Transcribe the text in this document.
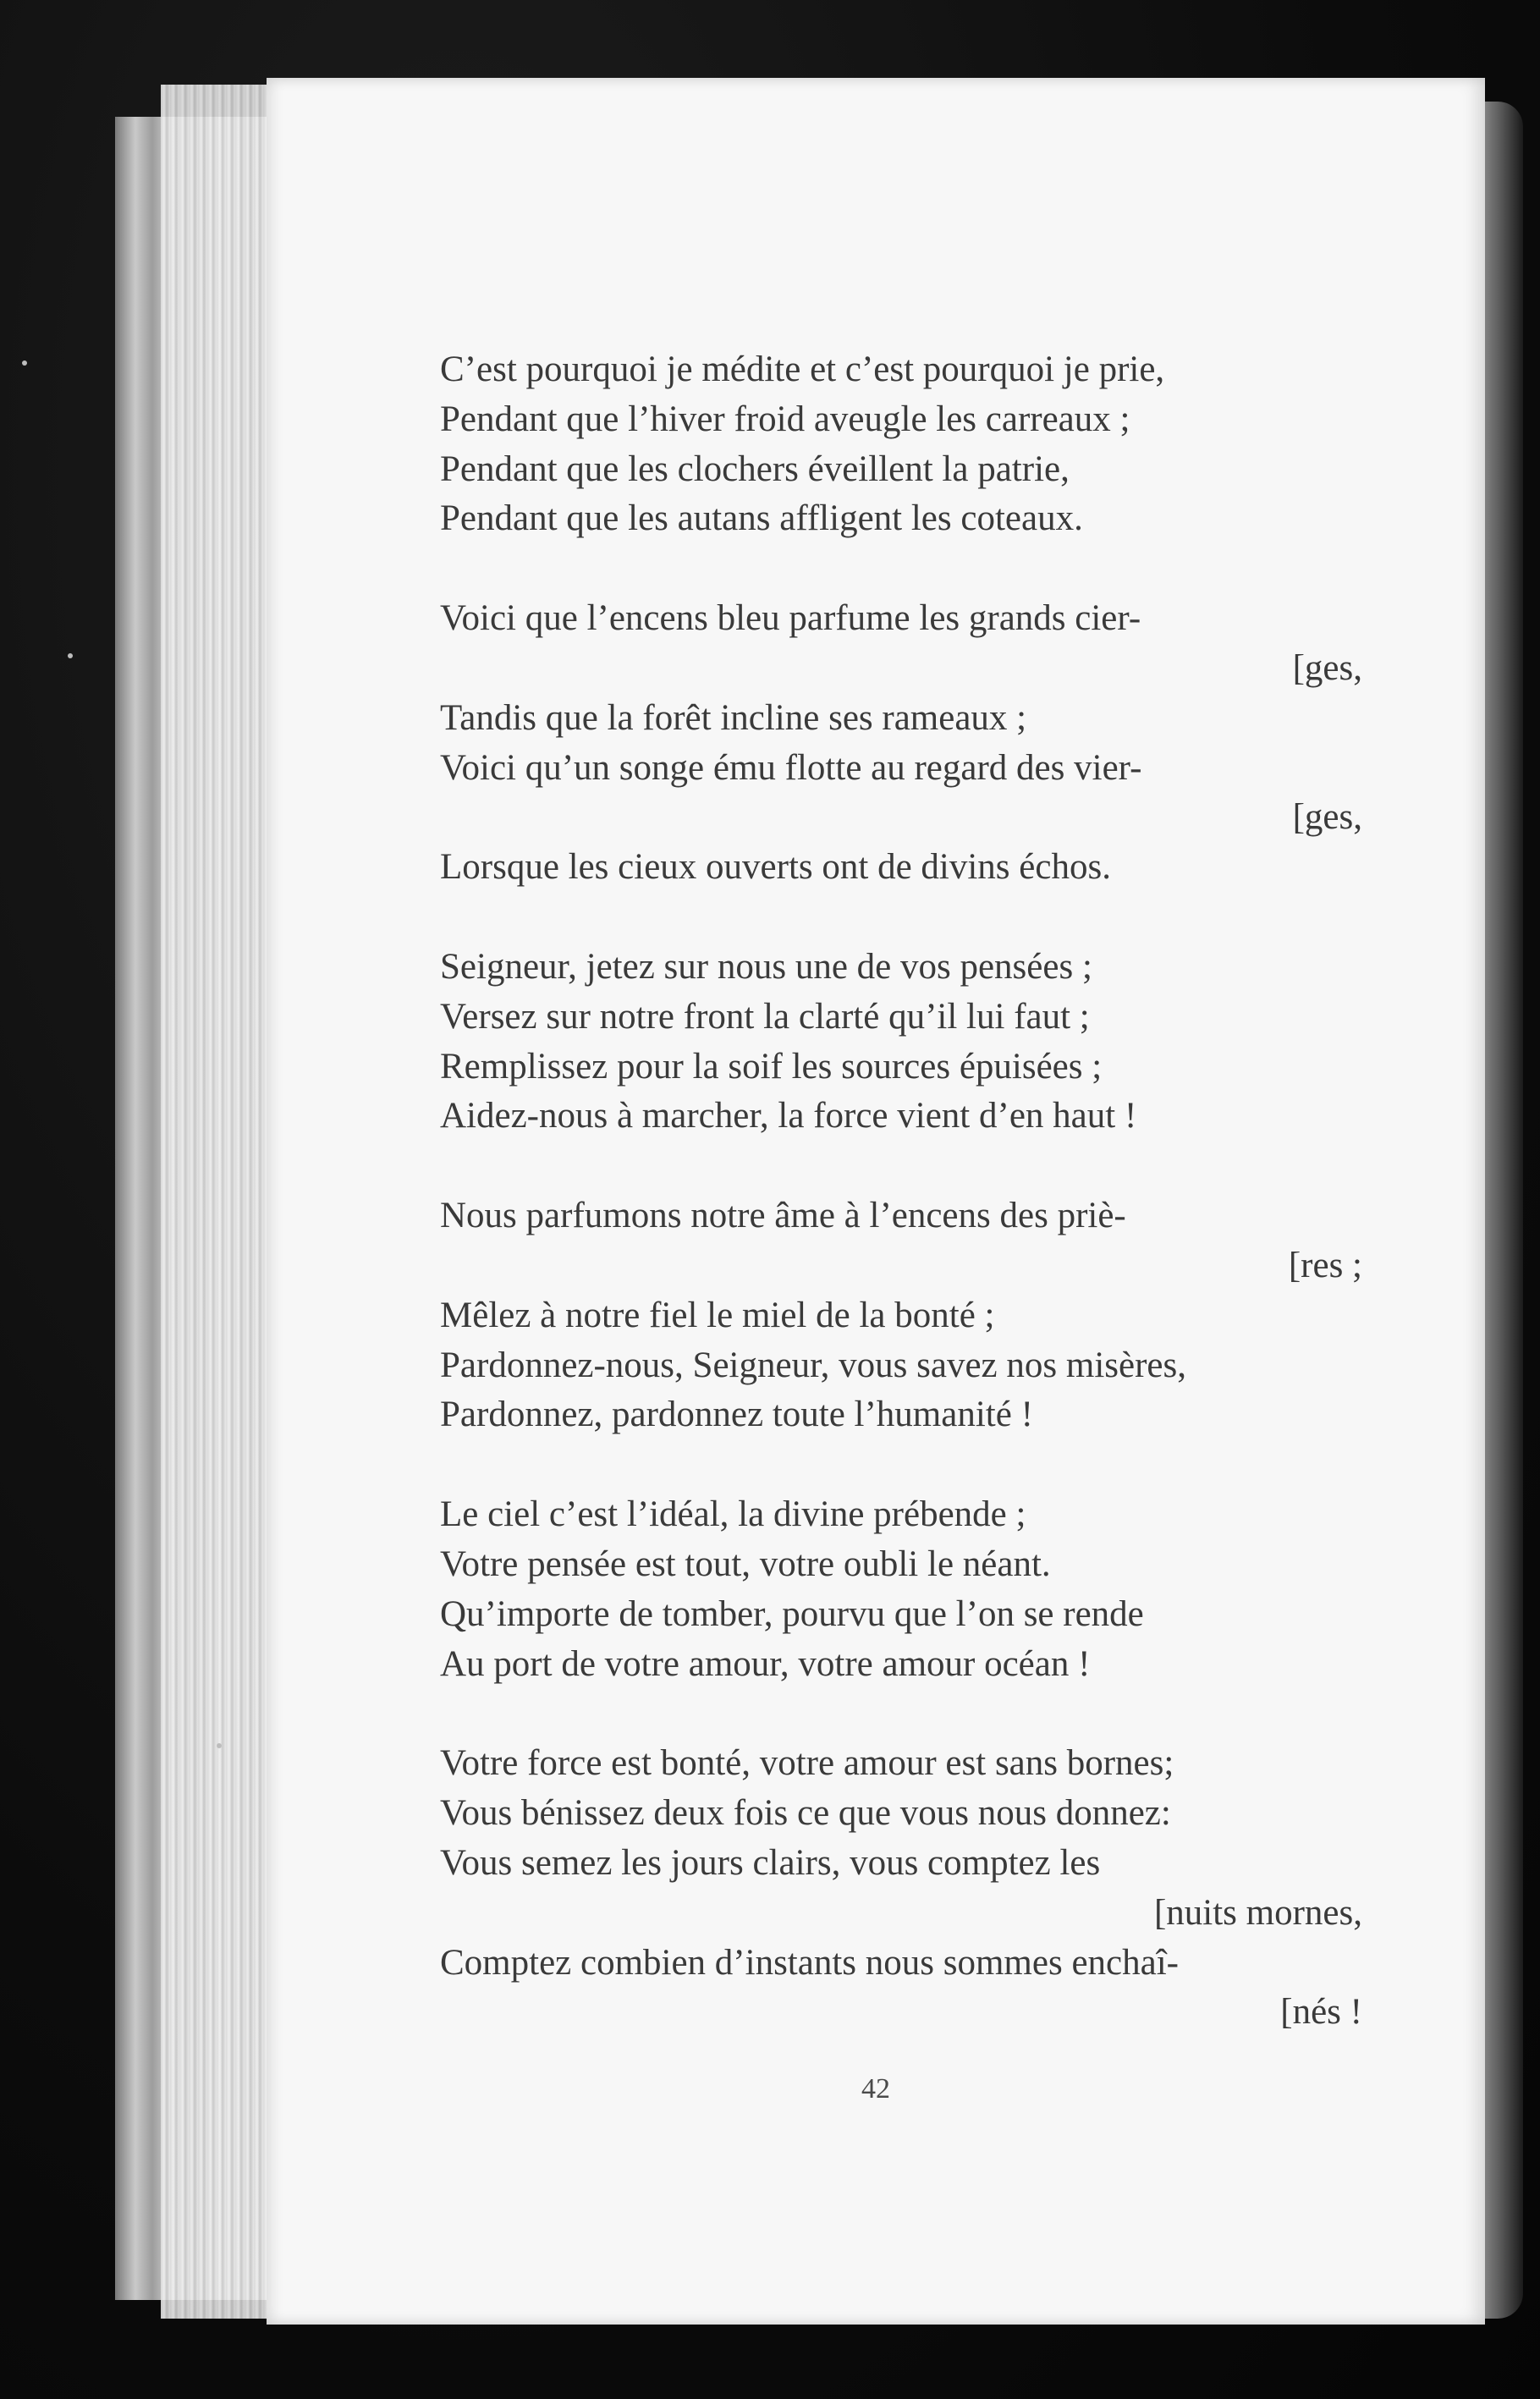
C’est pourquoi je médite et c’est pourquoi je prie,
Pendant que l’hiver froid aveugle les carreaux ;
Pendant que les clochers éveillent la patrie,
Pendant que les autans affligent les coteaux.
Voici que l’encens bleu parfume les grands cier-
[ges,
Tandis que la forêt incline ses rameaux ;
Voici qu’un songe ému flotte au regard des vier-
[ges,
Lorsque les cieux ouverts ont de divins échos.
Seigneur, jetez sur nous une de vos pensées ;
Versez sur notre front la clarté qu’il lui faut ;
Remplissez pour la soif les sources épuisées ;
Aidez-nous à marcher, la force vient d’en haut !
Nous parfumons notre âme à l’encens des priè-
[res ;
Mêlez à notre fiel le miel de la bonté ;
Pardonnez-nous, Seigneur, vous savez nos misères,
Pardonnez, pardonnez toute l’humanité !
Le ciel c’est l’idéal, la divine prébende ;
Votre pensée est tout, votre oubli le néant.
Qu’importe de tomber, pourvu que l’on se rende
Au port de votre amour, votre amour océan !
Votre force est bonté, votre amour est sans bornes;
Vous bénissez deux fois ce que vous nous donnez:
Vous semez les jours clairs, vous comptez les
[nuits mornes,
Comptez combien d’instants nous sommes enchaî-
[nés !
42
